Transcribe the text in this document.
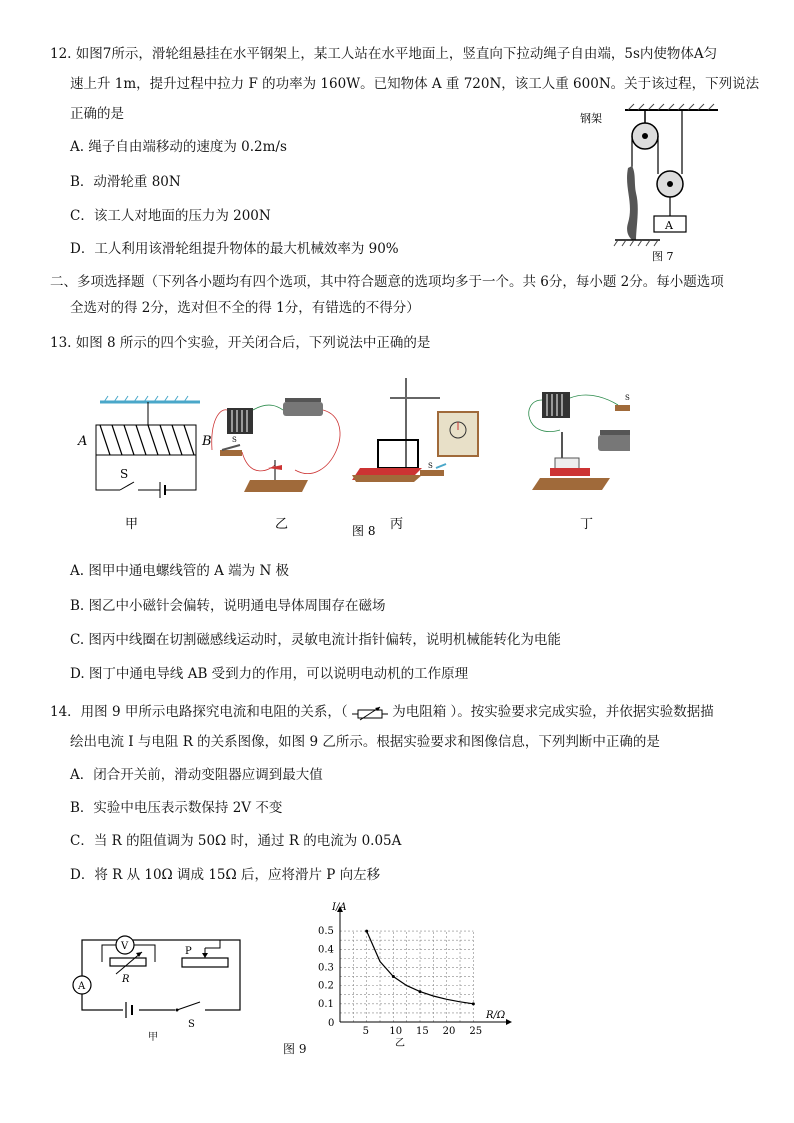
12. 如图7所示，滑轮组悬挂在水平钢架上，某工人站在水平地面上，竖直向下拉动绳子自由端，5s内使物体A匀
速上升 1m，提升过程中拉力 F 的功率为 160W。已知物体 A 重 720N，该工人重 600N。关于该过程，下列说法
正确的是
A. 绳子自由端移动的速度为 0.2m/s
B．动滑轮重 80N
C．该工人对地面的压力为 200N
D．工人利用该滑轮组提升物体的最大机械效率为 90%
钢架
A
图 7
二、多项选择题（下列各小题均有四个选项，其中符合题意的选项均多于一个。共 6分，每小题 2分。每小题选项
全选对的得 2分，选对但不全的得 1分，有错选的不得分）
13. 如图 8 所示的四个实验，开关闭合后，下列说法中正确的是
A	B
S
甲
S
乙	图 8
S
丙
S
丁
A. 图甲中通电螺线管的 A 端为 N 极
B. 图乙中小磁针会偏转，说明通电导体周围存在磁场
C. 图丙中线圈在切割磁感线运动时，灵敏电流计指针偏转，说明机械能转化为电能
D. 图丁中通电导线 AB 受到力的作用，可以说明电动机的工作原理
14．用图 9 甲所示电路探究电流和电阻的关系，（	为电阻箱 ）。按实验要求完成实验，并依据实验数据描
绘出电流 I 与电阻 R 的关系图像，如图 9 乙所示。根据实验要求和图像信息，下列判断中正确的是
A．闭合开关前，滑动变阻器应调到最大值
B．实验中电压表示数保持 2V 不变
C．当 R 的阻值调为 50Ω 时，通过 R 的电流为 0.05A
D．将 R 从 10Ω 调成 15Ω 后，应将滑片 P 向左移
V
R
P
A
S
甲
图 9
5 10 15 20 25
0.1
0.2
0.3
0.4
0.5
I/A
R/Ω
0
乙
